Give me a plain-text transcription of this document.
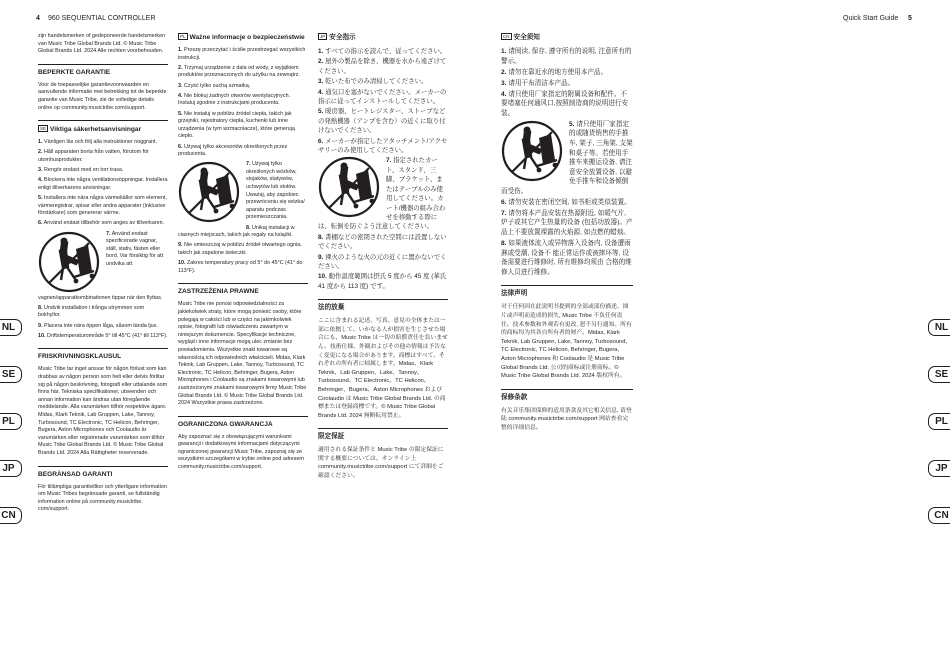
4 960 SEQUENTIAL CONTROLLER	Quick Start Guide 5
NL
SE
PL
JP
CN
NL
SE
PL
JP
CN

zijn handelsmerken of gedeponeerde handelsmerken van Music Tribe Global Brands Ltd. © Music Tribe Global Brands Ltd. 2024 Alle rechten voorbehouden.

BEPERKTE GARANTIE

Voor de toepasselijke garantievoorwaarden en aanvullende informatie met betrekking tot de beperkte garantie van Music Tribe, zie de volledige details online op community.musictribe.com/support.

SE Viktiga säkerhetsanvisningar
1. Vänligen läs och följ alla instruktioner noggrant.
2. Håll apparaten borta från vatten, förutom för utomhusprodukter.
3. Rengör endast med en torr trasa.
4. Blockera inte några ventilationsöppningar. Installera enligt tillverkarens anvisningar.
5. Installera inte nära några värmekällor som element, värmeregistrar, spisar eller andra apparater (inklusive förstärkare) som genererar värme.
6. Använd endast tillbehör som anges av tillverkaren.
7. Använd endast specificerade vagnar, ställ, stativ, fästen eller bord. Var försiktig för att undvika att vagnen/apparatkombinationen tippar när den flyttas.
8. Undvik installation i trånga utrymmen som bokhyllor.
9. Placera inte nära öppen låga, såsom tända ljus.
10. Driftstemperaturområde 5° till 45°C (41° till 113°F).
FRISKRIVNINGSKLAUSUL

Music Tribe tar inget ansvar för någon förlust som kan drabbas av någon person som helt eller delvis förlitar sig på någon beskrivning, fotografi eller uttalande som finns här. Tekniska specifikationer, utseenden och annan information kan ändras utan föregående meddelande. Alla varumärken tillhör respektive ägare. Midas, Klark Teknik, Lab Gruppen, Lake, Tannoy, Turbosound, TC Electronic, TC Helicon, Behringer, Bugera, Aston Microphones och Coolaudio är varumärken eller registrerade varumärken som tillhör Music Tribe Global Brands Ltd. © Music Tribe Global Brands Ltd. 2024 Alla Rättigheter reserverade.

BEGRÄNSAD GARANTI

För tillämpliga garantivillkor och ytterligare information om Music Tribes begränsade garanti, se fullständig information online på community.musictribe. com/support.

PL Ważne informacje o bezpieczeństwie
1. Proszę przeczytać i ściśle przestrzegać wszystkich instrukcji.
2. Trzymaj urządzenie z dala od wody, z wyjątkiem produktów przeznaczonych do użytku na zewnątrz.
3. Czyść tylko suchą szmatką.
4. Nie blokuj żadnych otworów wentylacyjnych. Instaluj zgodnie z instrukcjami producenta.
5. Nie instaluj w pobliżu źródeł ciepła, takich jak grzejniki, rejestratory ciepła, kuchenki lub inne urządzenia (w tym wzmacniacze), które generują ciepło.
6. Używaj tylko akcesoriów określonych przez producenta.
7. Używaj tylko określonych wózków, stojaków, statywów, uchwytów lub stołów. Uważaj, aby zapobiec przewróceniu się wózka/ aparatu podczas przemieszczania.
8. Unikaj instalacji w ciasnych miejscach, takich jak regały na książki.
9. Nie umieszczaj w pobliżu źródeł otwartego ognia, takich jak zapalone świeczki.
10. Zakres temperatury pracy od 5° do 45°C (41° do 113°F).
ZASTRZEŻENIA PRAWNE

Music Tribe nie ponosi odpowiedzialności za jakiekolwiek straty, które mogą ponieść osoby, które polegają w całości lub w części na jakimkolwiek opisie, fotografii lub oświadczeniu zawartym w niniejszym dokumencie. Specyfikacje techniczne, wygląd i inne informacje mogą ulec zmianie bez powiadomienia. Wszystkie znaki towarowe są własnością ich odpowiednich właścicieli. Midas, Klark Teknik, Lab Gruppen, Lake, Tannoy, Turbosound, TC Electronic, TC Helicon, Behringer, Bugera, Aston Microphones i Coolaudio są znakami towarowymi lub zastrzeżonymi znakami towarowymi firmy Music Tribe Global Brands Ltd. © Music Tribe Global Brands Ltd. 2024 Wszystkie prawa zastrzeżone.

OGRANICZONA GWARANCJA

Aby zapoznać się z obowiązującymi warunkami gwarancji i dodatkowymi informacjami dotyczącymi ograniczonej gwarancji Music Tribe, zapoznaj się ze wszystkimi szczegółami w trybie online pod adresem community.musictribe.com/support.

JP 安全指示
1. すべての指示を読んで、従ってください。
2. 屋外の製品を除き、機器を水から遠ざけてください。
3. 乾いた布でのみ清掃してください。
4. 通気口を塞がないでください。メーカーの指示に従ってインストールしてください。
5. 暖房器、ヒートレジスター、ストーブなどの発熱機器（アンプを含む）の近くに取り付けないでください。
6. メーカーが指定したアタッチメント/アクセサリーのみ使用してください。
7. 指定されたカート、スタンド、三脚、ブラケット、またはテーブルのみ使用してください。カート/機器の組み合わせを移動する際には、転倒を防ぐよう注意してください。
8. 書棚などの密閉された空間には設置しないでください。
9. 裸火のような火の元の近くに置かないでください。
10. 動作温度範囲は摂氏 5 度から 45 度 (華氏 41 度から 113 度) です。
法的放棄

ここに含まれる記述、写真、意見の全体または一部に依拠して、いかなる人が損害を生じさせた場合にも、Music Tribe は一切の賠償責任を負いません。技術仕様、外観およびその他の情報は予告なく変更になる場合があります。商標はすべて、それぞれの所有者に帰属します。Midas、Klark Teknik、Lab Gruppen、Lake、Tannoy、Turbosound、TC Electronic、TC Helicon、Behringer、Bugera、Aston Microphones および Coolaudio は Music Tribe Global Brands Ltd. の商標または登録商標です。© Music Tribe Global Brands Ltd. 2024 無断転用禁止。

限定保証

適用される保証条件と Music Tribe の限定保証に関する概要については、オンライン上 community.musictribe.com/support にて詳細をご確認ください。

CN 安全须知
1. 请阅读, 保存, 遵守所有的说明, 注意所有的警示。
2. 请勿在靠近水的地方使用本产品。
3. 请用干布清洁本产品。
4. 请只使用厂家指定的附属设备和配件。不要堵塞任何通风口,按照制造商的说明进行安装。
5. 请只使用厂家指定的或随货销售的手推车, 架子, 三角架, 支架和桌子等。若使用手推车来搬运设备, 请注意安全放置设备, 以避免手推车和设备倾倒而受伤。
6. 请勿安装在密闭空间, 如书柜或类似装置。
7. 请勿将本产品安装在热源附近, 如暖气片, 炉子或其它产生热量的设备 (包括功放器)。产品上不要放置裸露的火焰源, 如点燃的蜡烛。
8. 如果液体流入或异物落入设备内, 设备遭雨淋或受潮, 设备不 能正常运作或被摔坏等, 设备需要进行维修时, 所有维修均须由 合格的维修人员进行维修。
法律声明

对于任何因在此说明书提到的全部或部份描述、图片或声明而造成的损失, Music Tribe 不负任何责任。技术参数和外观若有更改, 恕不另行通知。所有的商标均为其各自所有者的财产。Midas, Klark Teknik, Lab Gruppen, Lake, Tannoy, Turbosound, TC Electronic, TC Helicon, Behringer, Bugera, Aston Microphones 和 Coolaudio 是 Music Tribe Global Brands Ltd. 公司的商标或注册商标。© Music Tribe Global Brands Ltd. 2024 版权所有。

保修条款

有关音乐集团保修的适用条款及其它相关信息, 请登陆 community.musictribe.com/support 网站查看完整的详细信息。
